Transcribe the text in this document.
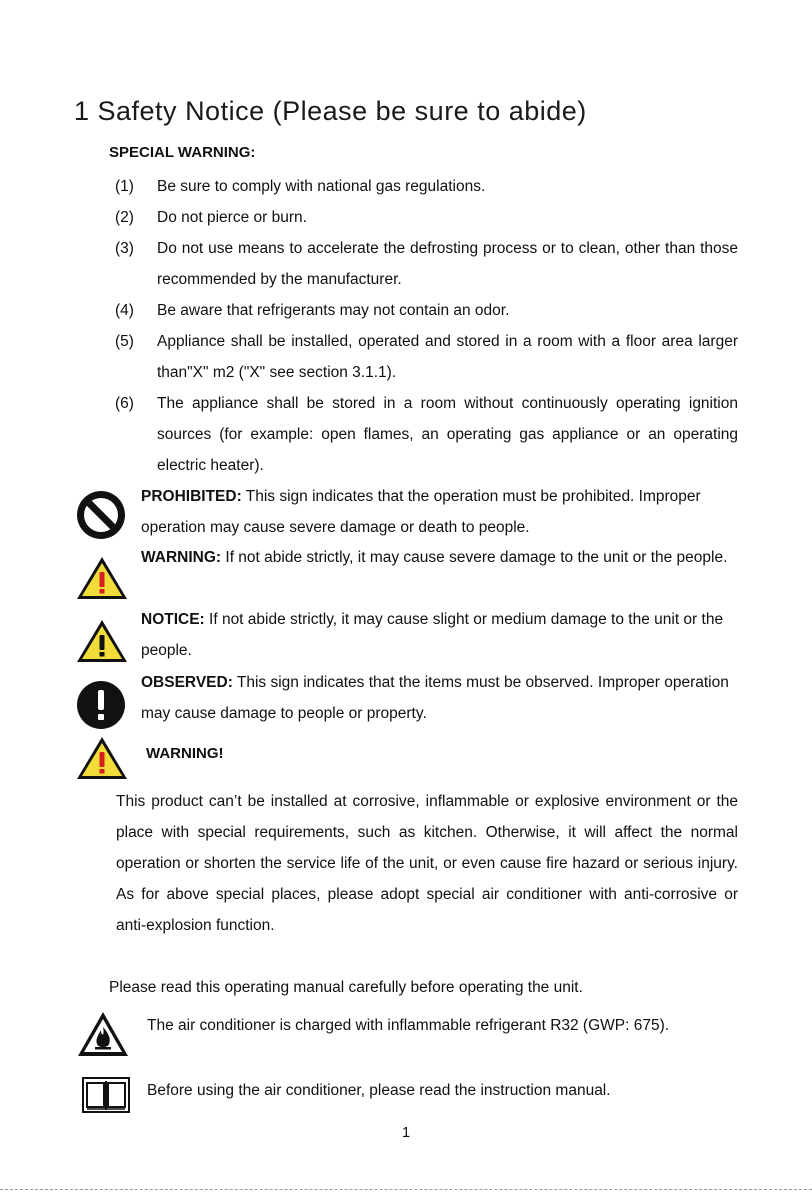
1 Safety Notice (Please be sure to abide)
SPECIAL WARNING:
(1)	Be sure to comply with national gas regulations.
(2)	Do not pierce or burn.
(3)	Do not use means to accelerate the defrosting process or to clean, other than those recommended by the manufacturer.
(4)	Be aware that refrigerants may not contain an odor.
(5)	Appliance shall be installed, operated and stored in a room with a floor area larger than"X" m2 ("X" see section 3.1.1).
(6)	The appliance shall be stored in a room without continuously operating ignition sources (for example: open flames, an operating gas appliance or an operating electric heater).
PROHIBITED: This sign indicates that the operation must be prohibited. Improper operation may cause severe damage or death to people.
WARNING: If not abide strictly, it may cause severe damage to the unit or the people.
NOTICE: If not abide strictly, it may cause slight or medium damage to the unit or the people.
OBSERVED: This sign indicates that the items must be observed. Improper operation may cause damage to people or property.
WARNING!
This product can’t be installed at corrosive, inflammable or explosive environment or the place with special requirements, such as kitchen. Otherwise, it will affect the normal operation or shorten the service life of the unit, or even cause fire hazard or serious injury. As for above special places, please adopt special air conditioner with anti-corrosive or anti-explosion function.
Please read this operating manual carefully before operating the unit.
The air conditioner is charged with inflammable refrigerant R32 (GWP: 675).
Before using the air conditioner, please read the instruction manual.
1
